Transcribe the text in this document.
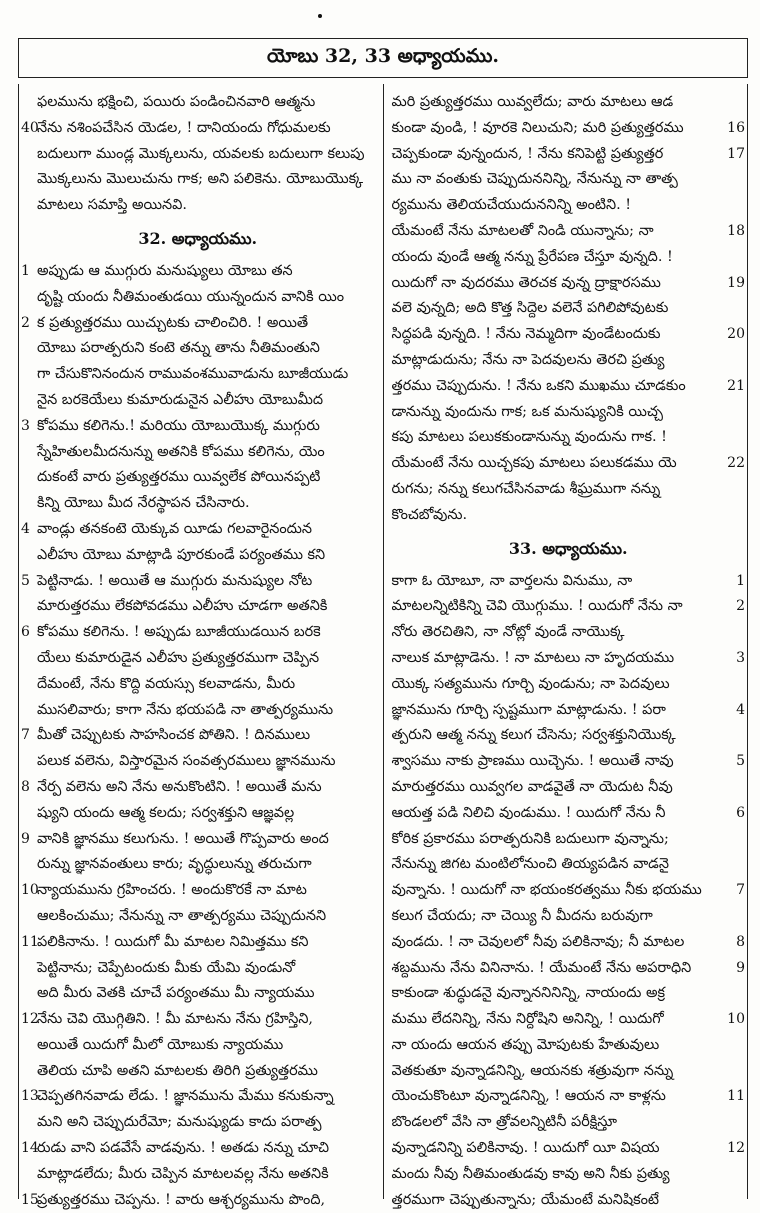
యోబు 32, 33 అధ్యాయము.
ఫలమును భక్షించి, పయిరు పండించినవారి ఆత్మను
40నేను నశింపచేసిన యెడల, ! దానియందు గోధుమలకు
బదులుగా ముండ్ల మొక్కలును, యవలకు బదులుగా కలుపు
మొక్కలును మొలుచును గాక; అని పలికెను. యోబుయొక్క
మాటలు సమాప్తి అయినవి.
32. అధ్యాయము.
1 అప్పుడు ఆ ముగ్గురు మనుష్యులు యోబు తన
దృష్టి యందు నీతిమంతుడయి యున్నందున వానికి యిం
2 క ప్రత్యుత్తరము యిచ్చుటకు చాలించిరి. ! అయితే
యోబు పరాత్పరుని కంటె తన్ను తాను నీతిమంతుని
గా చేసుకొనినందున రామువంశమువాడును బూజీయుడు
నైన బరకెయేలు కుమారుడునైన ఎలీహు యోబుమీద
3 కోపము కలిగెను.! మరియు యోబుయొక్క ముగ్గురు
స్నేహితులమీదనున్ను అతనికి కోపము కలిగెను, యెం
దుకంటే వారు ప్రత్యుత్తరము యివ్వలేక పోయినప్పటి
కిన్ని యోబు మీద నేరస్థాపన చేసినారు.
4 వాండ్లు తనకంటె యెక్కువ యీడు గలవారైనందున
ఎలీహు యోబు మాట్లాడి పూరకుండే పర్యంతము కని
5 పెట్టినాడు. ! అయితే ఆ ముగ్గురు మనుష్యుల నోట
మారుత్తరము లేకపోవడము ఎలీహు చూడగా అతనికి
6 కోపము కలిగెను. ! అప్పుడు బూజీయుడయిన బరకె
యేలు కుమారుడైన ఎలీహు ప్రత్యుత్తరముగా చెప్పిన
దేమంటే, నేను కొద్ది వయస్సు కలవాడను, మీరు
ముసలివారు; కాగా నేను భయపడి నా తాత్పర్యమును
7 మీతో చెప్పుటకు సాహసించక పోతిని. ! దినములు
పలుక వలెను, విస్తారమైన సంవత్సరములు జ్ఞానమును
8 నేర్ప వలెను అని నేను అనుకొంటిని. ! అయితే మను
ష్యుని యందు ఆత్మ కలదు; సర్వశక్తుని ఆజ్ఞవల్ల
9 వానికి జ్ఞానము కలుగును. ! అయితే గొప్పవారు అంద
రున్ను జ్ఞానవంతులు కారు; వృద్ధులున్ను తరుచుగా
10న్యాయమును గ్రహించరు. ! అందుకొరకే నా మాట
ఆలకించుము; నేనున్ను నా తాత్పర్యము చెప్పుదునని
11పలికినాను. ! యిదుగో మీ మాటల నిమిత్తము కని
పెట్టినాను; చెప్పేటందుకు మీకు యేమి వుండునో
అది మీరు వెతకి చూచే పర్యంతము మీ న్యాయము
12నేను చెవి యొగ్గితిని. ! మీ మాటను నేను గ్రహిస్తిని,
అయితే యిదుగో మీలో యోబుకు న్యాయము
తెలియ చూపి అతని మాటలకు తిరిగి ప్రత్యుత్తరము
13చెప్పతగినవాడు లేడు. ! జ్ఞానమును మేము కనుకున్నా
మని అని చెప్పుదురేమో; మనుష్యుడు కాదు పరాత్ప
14రుడు వాని పడవేసే వాడవును. ! అతడు నన్ను చూచి
మాట్లాడలేదు; మీరు చెప్పిన మాటలవల్ల నేను అతనికి
15ప్రత్యుత్తరము చెప్పను. ! వారు ఆశ్చర్యమును పొంది,
మరి ప్రత్యుత్తరము యివ్వలేదు; వారు మాటలు ఆడ
కుండా వుండి, ! వూరకె నిలుచుని; మరి ప్రత్యుత్తరము	16
చెప్పకుండా వున్నందున, ! నేను కనిపెట్టి ప్రత్యుత్తర	17
ము నా వంతుకు చెప్పుదుననిన్ని, నేనున్ను నా తాత్ప
ర్యమును తెలియచేయుదుననిన్ని అంటిని. !
యేమంటే నేను మాటలతో నిండి యున్నాను; నా	18
యందు వుండే ఆత్మ నన్ను ప్రేరేపణ చేస్తూ వున్నది. !
యిదుగో నా వుదరము తెరచక వున్న ద్రాక్షారసము	19
వలె వున్నది; అది కొత్త సిద్దెల వలెనే పగిలిపోవుటకు
సిద్ధపడి వున్నది. ! నేను నెమ్మదిగా వుండేటందుకు	20
మాట్లాడుదును; నేను నా పెదవులను తెరచి ప్రత్యు
త్తరము చెప్పుదును. ! నేను ఒకని ముఖము చూడకుం	21
డానున్ను వుందును గాక; ఒక మనుష్యునికి యిచ్చ
కపు మాటలు పలుకకుండానున్ను వుందును గాక. !
యేమంటే నేను యిచ్చకపు మాటలు పలుకడము యె	22
రుగను; నన్ను కలుగచేసినవాడు శీఘ్రముగా నన్ను
కొంచబోవును.
33. అధ్యాయము.
కాగా ఓ యోబూ, నా వార్తలను వినుము, నా	1
మాటలన్నిటికిన్ని చెవి యొగ్గుము. ! యిదుగో నేను నా	2
నోరు తెరచితిని, నా నోట్లో వుండే నాయొక్క
నాలుక మాట్లాడెను. ! నా మాటలు నా హృదయము	3
యొక్క సత్యమును గూర్చి వుండును; నా పెదవులు
జ్ఞానమును గూర్చి స్పష్టముగా మాట్లాడును. ! పరా	4
త్పరుని ఆత్మ నన్ను కలుగ చేసెను; సర్వశక్తునియొక్క
శ్వాసము నాకు ప్రాణము యిచ్చెను. ! అయితే నావు	5
మారుత్తరము యివ్వగల వాడవైతే నా యెదుట నీవు
ఆయత్త పడి నిలిచి వుండుము. ! యిదుగో నేను నీ	6
కోరిక ప్రకారము పరాత్పరునికి బదులుగా వున్నాను;
నేనున్ను జిగట మంటిలోనుంచి తియ్యపడిన వాడనై
వున్నాను. ! యిదుగో నా భయంకరత్వము నీకు భయము 7
కలుగ చేయదు; నా చెయ్యి నీ మీదను బరువుగా
వుండదు. ! నా చెవులలో నీవు పలికినావు; నీ మాటల	8
శబ్దమును నేను వినినాను. ! యేమంటే నేను అపరాధిని	9
కాకుండా శుద్ధుడనై వున్నాననినిన్ని, నాయందు అక్ర
మము లేదనిన్ని, నేను నిర్దోషిని అనిన్ని, ! యిదుగో	10
నా యందు ఆయన తప్పు మోపుటకు హేతువులు
వెతకుతూ వున్నాడనిన్ని, ఆయనకు శత్రువుగా నన్ను
యెంచుకొంటూ వున్నాడనిన్ని, ! ఆయన నా కాళ్లను	11
బొండలలో వేసి నా త్రోవలన్నిటినీ పరీక్షిస్తూ
వున్నాడనిన్ని పలికినావు. ! యిదుగో యీ విషయ	12
మందు నీవు నీతిమంతుడవు కావు అని నీకు ప్రత్యు
త్తరముగా చెప్పుతున్నాను; యేమంటే మనిషికంటే
